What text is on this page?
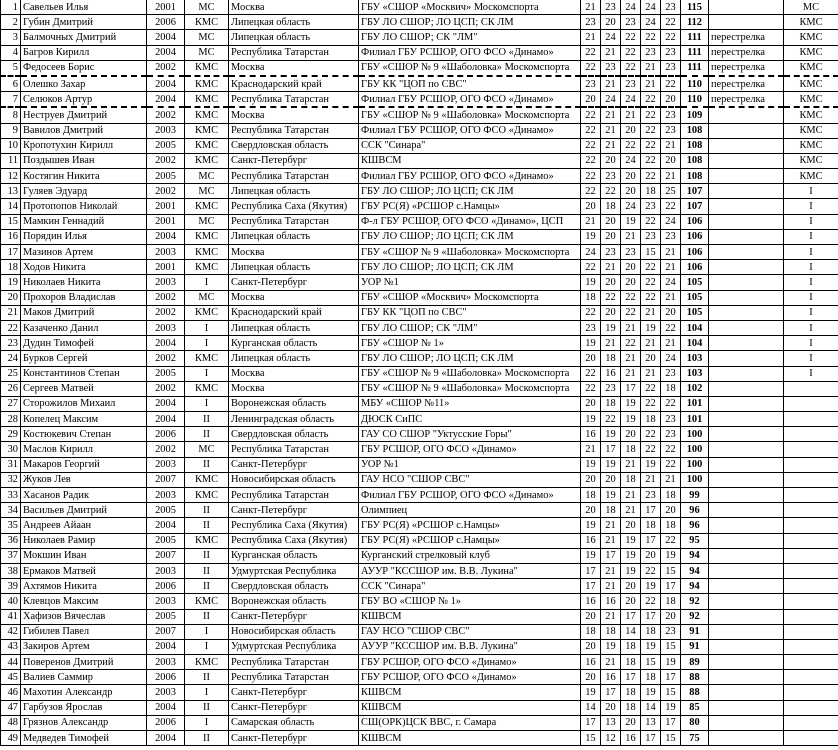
1	Савельев Илья	2001	МС	Москва	ГБУ «СШОР «Москвич» Москомспорта	21	23	24	24	23	115		МС
2	Губин Дмитрий	2006	КМС	Липецкая область	ГБУ ЛО СШОР; ЛО ЦСП; СК ЛМ	23	20	23	24	22	112		КМС
3	Балмочных Дмитрий	2004	МС	Липецкая область	ГБУ ЛО СШОР; СК "ЛМ"	21	24	22	22	22	111	перестрелка	КМС
4	Багров Кирилл	2004	МС	Республика Татарстан	Филиал ГБУ РСШОР, ОГО ФСО «Динамо»	22	21	22	23	23	111	перестрелка	КМС
5	Федосеев Борис	2002	КМС	Москва	ГБУ «СШОР № 9 «Шаболовка» Москомспорта	22	23	22	21	23	111	перестрелка	КМС
6	Олешко Захар	2004	КМС	Краснодарский край	ГБУ КК "ЦОП по СВС"	23	21	23	21	22	110	перестрелка	КМС
7	Селюков Артур	2004	КМС	Республика Татарстан	Филиал ГБУ РСШОР, ОГО ФСО «Динамо»	20	24	24	22	20	110	перестрелка	КМС
8	Неструев Дмитрий	2002	КМС	Москва	ГБУ «СШОР № 9 «Шаболовка» Москомспорта	22	21	21	22	23	109		КМС
9	Вавилов Дмитрий	2003	КМС	Республика Татарстан	Филиал ГБУ РСШОР, ОГО ФСО «Динамо»	22	21	20	22	23	108		КМС
10	Кропотухин Кирилл	2005	КМС	Свердловская область	ССК "Синара"	22	21	22	22	21	108		КМС
11	Поздышев Иван	2002	КМС	Санкт-Петербург	КШВСМ	22	20	24	22	20	108		КМС
12	Костягин Никита	2005	МС	Республика Татарстан	Филиал ГБУ РСШОР, ОГО ФСО «Динамо»	22	23	20	22	21	108		КМС
13	Гуляев Эдуард	2002	МС	Липецкая область	ГБУ ЛО СШОР; ЛО ЦСП; СК ЛМ	22	22	20	18	25	107		I
14	Протопопов Николай	2001	КМС	Республика Саха (Якутия)	ГБУ РС(Я) «РСШОР с.Намцы»	20	18	24	23	22	107		I
15	Мамкин Геннадий	2001	МС	Республика Татарстан	Ф-л ГБУ РСШОР, ОГО ФСО «Динамо», ЦСП	21	20	19	22	24	106		I
16	Порядин Илья	2004	КМС	Липецкая область	ГБУ ЛО СШОР; ЛО ЦСП; СК ЛМ	19	20	21	23	23	106		I
17	Мазинов Артем	2003	КМС	Москва	ГБУ «СШОР № 9 «Шаболовка» Москомспорта	24	23	23	15	21	106		I
18	Ходов Никита	2001	КМС	Липецкая область	ГБУ ЛО СШОР; ЛО ЦСП; СК ЛМ	22	21	20	22	21	106		I
19	Николаев Никита	2003	I	Санкт-Петербург	УОР №1	19	20	20	22	24	105		I
20	Прохоров Владислав	2002	МС	Москва	ГБУ «СШОР «Москвич» Москомспорта	18	22	22	22	21	105		I
21	Маков Дмитрий	2002	КМС	Краснодарский край	ГБУ КК "ЦОП по СВС"	22	20	22	21	20	105		I
22	Казаченко Данил	2003	I	Липецкая область	ГБУ ЛО СШОР; СК "ЛМ"	23	19	21	19	22	104		I
23	Дудин Тимофей	2004	I	Курганская область	ГБУ «СШОР № 1»	19	21	22	21	21	104		I
24	Бурков Сергей	2002	КМС	Липецкая область	ГБУ ЛО СШОР; ЛО ЦСП; СК ЛМ	20	18	21	20	24	103		I
25	Константинов Степан	2005	I	Москва	ГБУ «СШОР № 9 «Шаболовка» Москомспорта	22	16	21	21	23	103		I
26	Сергеев Матвей	2002	КМС	Москва	ГБУ «СШОР № 9 «Шаболовка» Москомспорта	22	23	17	22	18	102		
27	Сторожилов Михаил	2004	I	Воронежская область	МБУ «СШОР №11»	20	18	19	22	22	101		
28	Копелец Максим	2004	II	Ленинградская область	ДЮСК СиПС	19	22	19	18	23	101		
29	Костюкевич Степан	2006	II	Свердловская область	ГАУ СО СШОР "Уктусские Горы"	16	19	20	22	23	100		
30	Маслов Кирилл	2002	МС	Республика Татарстан	ГБУ РСШОР, ОГО ФСО «Динамо»	21	17	18	22	22	100		
31	Макаров Георгий	2003	II	Санкт-Петербург	УОР №1	19	19	21	19	22	100		
32	Жуков Лев	2007	КМС	Новосибирская область	ГАУ НСО "СШОР СВС"	20	20	18	21	21	100		
33	Хасанов Радик	2003	КМС	Республика Татарстан	Филиал ГБУ РСШОР, ОГО ФСО «Динамо»	18	19	21	23	18	99		
34	Васильев Дмитрий	2005	II	Санкт-Петербург	Олимпиец	20	18	21	17	20	96		
35	Андреев Айаан	2004	II	Республика Саха (Якутия)	ГБУ РС(Я) «РСШОР с.Намцы»	19	21	20	18	18	96		
36	Николаев Рамир	2005	КМС	Республика Саха (Якутия)	ГБУ РС(Я) «РСШОР с.Намцы»	16	21	19	17	22	95		
37	Мокшин Иван	2007	II	Курганская область	Курганский стрелковый клуб	19	17	19	20	19	94		
38	Ермаков Матвей	2003	II	Удмуртская Республика	АУУР "КССШОР им. В.В. Лукина"	17	21	19	22	15	94		
39	Ахтямов Никита	2006	II	Свердловская область	ССК "Синара"	17	21	20	19	17	94		
40	Клевцов Максим	2003	КМС	Воронежская область	ГБУ ВО «СШОР № 1»	16	16	20	22	18	92		
41	Хафизов Вячеслав	2005	II	Санкт-Петербург	КШВСМ	20	21	17	17	20	92		
42	Гибилев Павел	2007	I	Новосибирская область	ГАУ НСО "СШОР СВС"	18	18	14	18	23	91		
43	Закиров Артем	2004	I	Удмуртская Республика	АУУР "КССШОР им. В.В. Лукина"	20	19	18	19	15	91		
44	Поверенов Дмитрий	2003	КМС	Республика Татарстан	ГБУ РСШОР, ОГО ФСО «Динамо»	16	21	18	15	19	89		
45	Валиев Саммир	2006	II	Республика Татарстан	ГБУ РСШОР, ОГО ФСО «Динамо»	20	16	17	18	17	88		
46	Махотин Александр	2003	I	Санкт-Петербург	КШВСМ	19	17	18	19	15	88		
47	Гарбузов Ярослав	2004	II	Санкт-Петербург	КШВСМ	14	20	18	14	19	85		
48	Грязнов Александр	2006	I	Самарская область	СШ(ОРК)ЦСК ВВС, г. Самара	17	13	20	13	17	80		
49	Медведев Тимофей	2004	II	Санкт-Петербург	КШВСМ	15	12	16	17	15	75		
